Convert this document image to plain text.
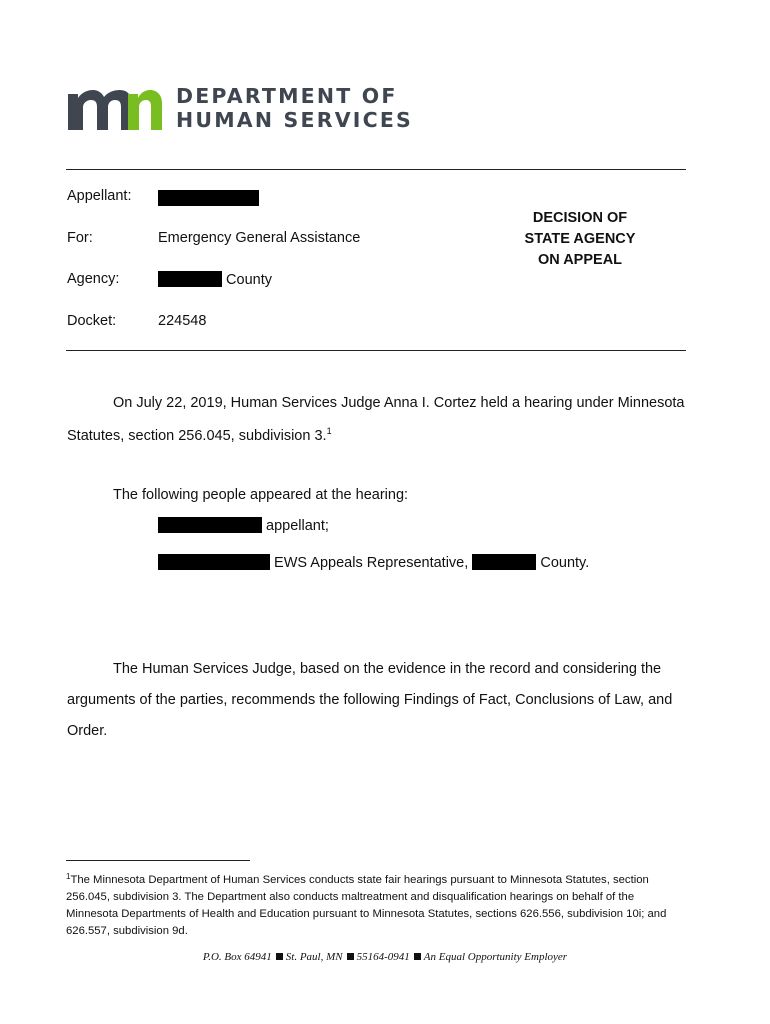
DEPARTMENT OF
HUMAN SERVICES
Appellant:
For:	Emergency General Assistance
Agency:	County
Docket:	224548
DECISION OF
STATE AGENCY
ON APPEAL
On July 22, 2019, Human Services Judge Anna I. Cortez held a hearing under Minnesota
Statutes, section 256.045, subdivision 3.$^1$
The following people appeared at the hearing:
appellant;
EWS Appeals Representative,	County.
The Human Services Judge, based on the evidence in the record and considering the
arguments of the parties, recommends the following Findings of Fact, Conclusions of Law, and
Order.
$^1$The Minnesota Department of Human Services conducts state fair hearings pursuant to Minnesota Statutes, section
256.045, subdivision 3. The Department also conducts maltreatment and disqualification hearings on behalf of the
Minnesota Departments of Health and Education pursuant to Minnesota Statutes, sections 626.556, subdivision 10i; and
626.557, subdivision 9d.
P.O. Box 64941 St. Paul, MN 55164-0941 An Equal Opportunity Employer
